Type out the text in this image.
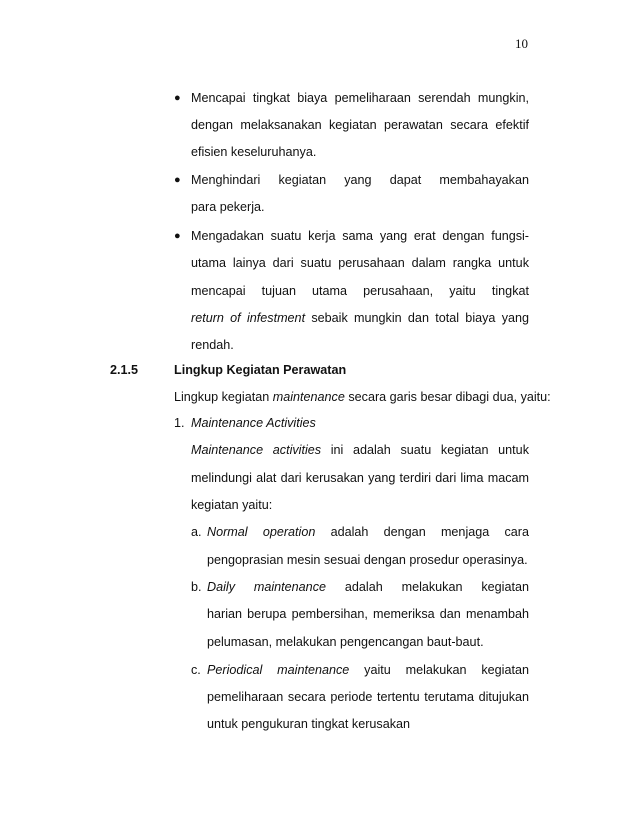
10
● Mencapai tingkat biaya pemeliharaan serendah mungkin,
dengan melaksanakan kegiatan perawatan secara efektif
efisien keseluruhanya.
● Menghindari kegiatan yang dapat membahayakan
para pekerja.
● Mengadakan suatu kerja sama yang erat dengan fungsi-
utama lainya dari suatu perusahaan dalam rangka untuk
mencapai tujuan utama perusahaan, yaitu tingkat
return of infestment sebaik mungkin dan total biaya yang
rendah.
2.1.5	Lingkup Kegiatan Perawatan
Lingkup kegiatan maintenance secara garis besar dibagi dua, yaitu:
1. Maintenance Activities
Maintenance activities ini adalah suatu kegiatan untuk
melindungi alat dari kerusakan yang terdiri dari lima macam
kegiatan yaitu:
a. Normal operation adalah dengan menjaga cara
pengoprasian mesin sesuai dengan prosedur operasinya.
b. Daily maintenance adalah melakukan kegiatan
harian berupa pembersihan, memeriksa dan menambah
pelumasan, melakukan pengencangan baut-baut.
c. Periodical maintenance yaitu melakukan kegiatan
pemeliharaan secara periode tertentu terutama ditujukan
untuk pengukuran tingkat kerusakan
